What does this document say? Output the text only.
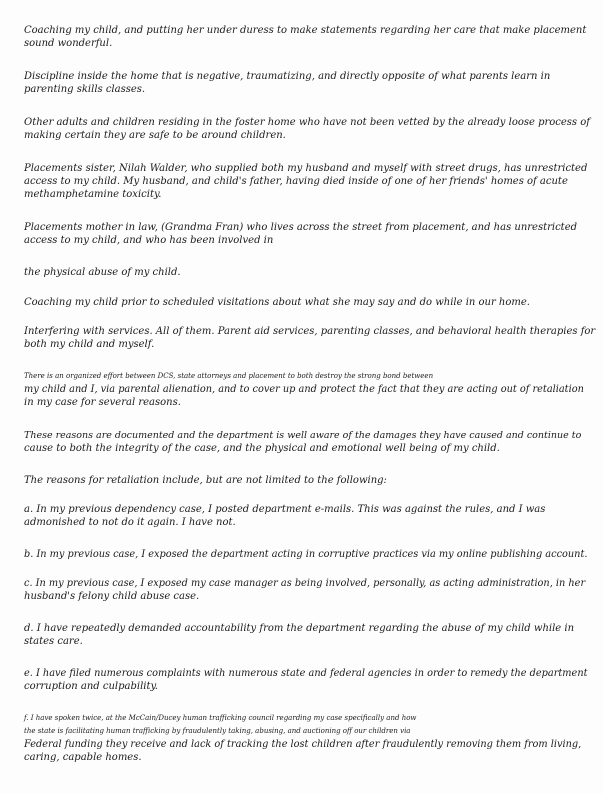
Coaching my child, and putting her under duress to make statements regarding her care that make placement
sound wonderful.
Discipline inside the home that is negative, traumatizing, and directly opposite of what parents learn in
parenting skills classes.
Other adults and children residing in the foster home who have not been vetted by the already loose process of
making certain they are safe to be around children.
Placements sister, Nilah Walder, who supplied both my husband and myself with street drugs, has unrestricted
access to my child. My husband, and child's father, having died inside of one of her friends' homes of acute
methamphetamine toxicity.
Placements mother in law, (Grandma Fran) who lives across the street from placement, and has unrestricted
access to my child, and who has been involved in
the physical abuse of my child.
Coaching my child prior to scheduled visitations about what she may say and do while in our home.
Interfering with services. All of them. Parent aid services, parenting classes, and behavioral health therapies for
both my child and myself.
There is an organized effort between DCS, state attorneys and placement to both destroy the strong bond between
my child and I, via parental alienation, and to cover up and protect the fact that they are acting out of retaliation
in my case for several reasons.
These reasons are documented and the department is well aware of the damages they have caused and continue to
cause to both the integrity of the case, and the physical and emotional well being of my child.
The reasons for retaliation include, but are not limited to the following:
a. In my previous dependency case, I posted department e-mails. This was against the rules, and I was
admonished to not do it again. I have not.
b. In my previous case, I exposed the department acting in corruptive practices via my online publishing account.
c. In my previous case, I exposed my case manager as being involved, personally, as acting administration, in her
husband's felony child abuse case.
d. I have repeatedly demanded accountability from the department regarding the abuse of my child while in
states care.
e. I have filed numerous complaints with numerous state and federal agencies in order to remedy the department
corruption and culpability.
f. I have spoken twice, at the McCain/Ducey human trafficking council regarding my case specifically and how
the state is facilitating human trafficking by fraudulently taking, abusing, and auctioning off our children via
Federal funding they receive and lack of tracking the lost children after fraudulently removing them from living,
caring, capable homes.
